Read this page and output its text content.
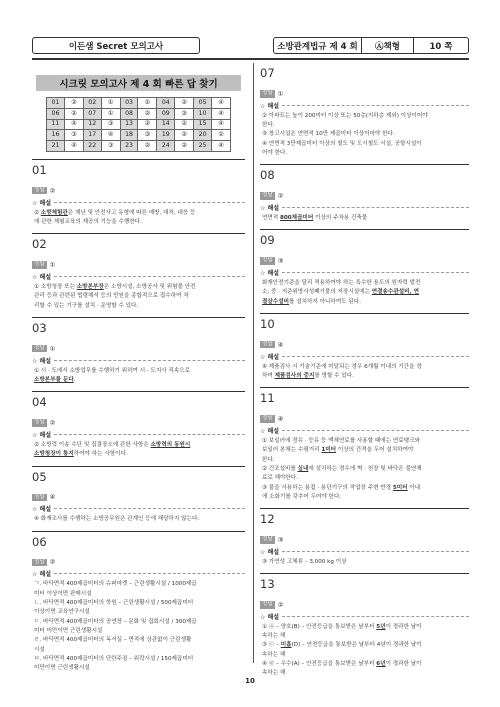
이든샘 Secret 모의고사	소방관계법규 제 4 회	Ⓐ책형	10 쪽
시크릿 모의고사 제 4 회 빠른 답 찾기
01	②	02	①	03	①	04	②	05	④
06	②	07	①	08	②	09	③	10	④
11	④	12	③	13	②	14	②	15	④
16	③	17	④	18	③	19	②	20	①
21	④	22	③	23	②	24	②	25	④
01
정답 ②
☆ 해설

② 소방체험관은 재난 및 안전사고 유형에 따른 예방, 대처, 대응 등

에 관한 체험교육의 제공의 기능을 수행한다.

02
정답 ①
☆ 해설

① 소방청장 또는 소방본부장은 소방시설, 소방공사 및 위험물 안전

관리 등과 관련된 법령해석 등의 민원을 종합적으로 접수하여 처

리할 수 있는 기구를 설치 · 운영할 수 있다.

03
정답 ①
☆ 해설

① 시 · 도에서 소방업무를 수행하기 위하여 시 · 도지사 직속으로

소방본부를 둔다.

04
정답 ②
☆ 해설

② 소방력 이송 수단 및 집결장소에 관한 사항은 소방력의 동원시

소방청장이 통지하여야 하는 사항이다.

05
정답 ④
☆ 해설

④ 화재조사를 수행하는 소방공무원은 관계인 등에 해당하지 않는다.

06
정답 ②
☆ 해설

ㄱ. 바닥면적 400제곱미터의 슈퍼마켓 – 근린생활시설 / 1000제곱

미터 이상이면 판매시설

ㄴ. 바닥면적 400제곱미터의 학원 – 근린생활시설 / 500제곱미터

이상이면 교육연구시설

ㄷ. 바닥면적 400제곱미터의 공연장 – 문화 및 집회시설 / 300제곱

미터 미만이면 근린생활시설

ㄹ. 바닥면적 400제곱미터의 독서실 – 면적에 상관없이 근린생활

시설

ㅁ. 바닥면적 400제곱미터의 단란주점 – 위락시설 / 150제곱미터

미만이면 근린생활시설

07
정답 ①
☆ 해설

② 아파트는 높이 200미터 이상 또는 50층(지하층 제외) 이상이어야

한다.

③ 창고시설은 연면적 10만 제곱미터 이상이어야 한다.

④ 연면적 3만제곱미터 이상의 철도 및 도시철도 시설, 공항시설이

어야 한다.

08
정답 ②
☆ 해설

연면적 800제곱미터 이상의 주차용 건축물

09
정답 ③
☆ 해설

화재안전기준을 달리 적용하여야 하는 특수한 용도의 원자력 발전

소, 중 · 저준위방사성폐기물의 저장시설에는 연결송수관설비, 연

결살수설비를 설치하지 아니하여도 된다.

10
정답 ④
☆ 해설

④ 제품검사 시 기술기준에 미달되는 경우 6개월 이내의 기간을 정

하여 제품검사의 중지를 명할 수 있다.

11
정답 ④
☆ 해설

① 보일러에 경유 · 등유 등 액체연료를 사용할 때에는 연료탱크와

보일러 본체는 수평거리 1미터 이상의 간격을 두어 설치하여야

한다.

② 건조설비를 실내에 설치하는 경우에 벽 · 천장 및 바닥은 불연재

료로 해야한다.

③ 불을 사용하는 용접 · 용단기구의 작업장 주변 반경 5미터 이내

에 소화기를 갖추어 두어야 한다.

12
정답 ③
☆ 해설

③ 가연성 고체류 – 3,000 kg 이상

13
정답 ②
☆ 해설

① ⓐ – 양호(B) – 안전등급을 통보받은 날부터 5년이 경과한 날이

속하는 해

③ ⓒ – 미흡(D) – 안전등급을 통보받은 날부터 4년이 경과한 날이

속하는 해

④ ⓓ – 우수(A) – 안전등급을 통보받은 날부터 6년이 경과한 날이

속하는 해

10
